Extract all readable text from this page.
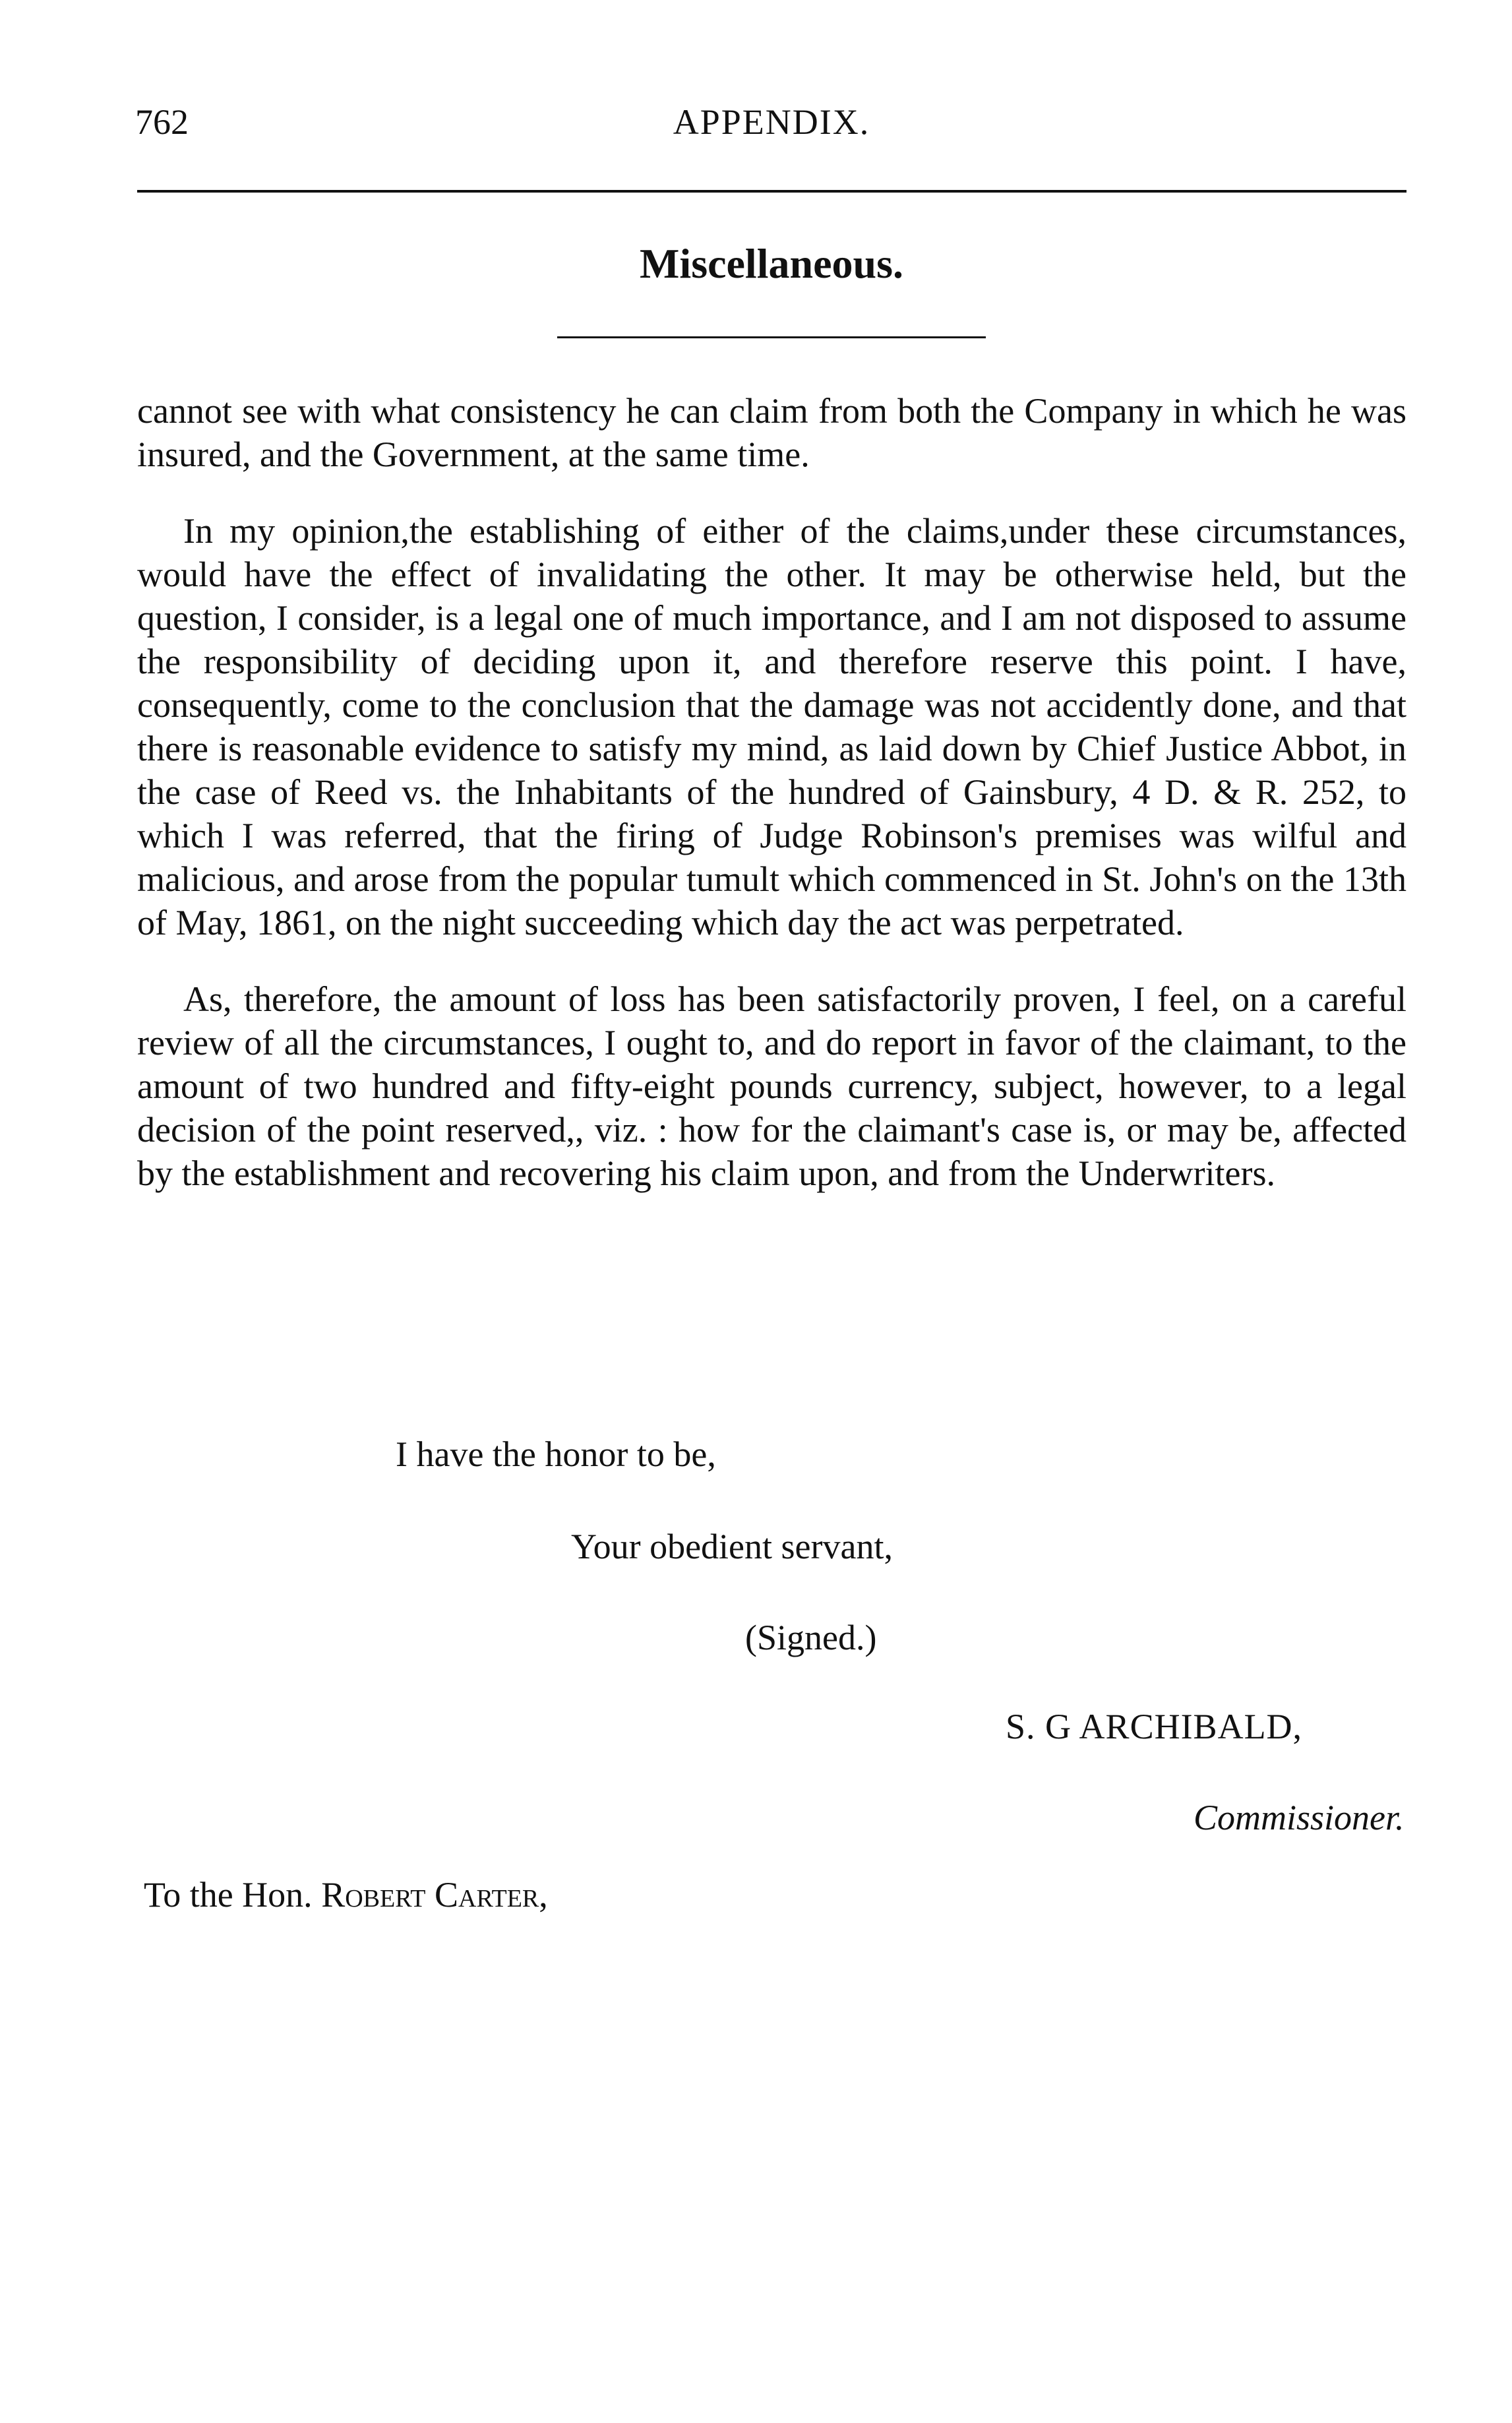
762	APPENDIX.
Miscellaneous.

cannot see with what consistency he can claim from both the Company in which he was insured, and the Government, at the same time.

In my opinion,the establishing of either of the claims,under these circumstances, would have the effect of invalidating the other. It may be otherwise held, but the question, I consider, is a legal one of much importance, and I am not disposed to assume the responsibility of deciding upon it, and therefore reserve this point. I have, consequently, come to the conclusion that the damage was not accidently done, and that there is reasonable evidence to satisfy my mind, as laid down by Chief Justice Abbot, in the case of Reed vs. the Inhabitants of the hundred of Gainsbury, 4 D. & R. 252, to which I was referred, that the firing of Judge Robinson's premises was wilful and malicious, and arose from the popular tumult which commenced in St. John's on the 13th of May, 1861, on the night succeeding which day the act was perpetrated.

As, therefore, the amount of loss has been satisfactorily proven, I feel, on a careful review of all the circumstances, I ought to, and do report in favor of the claimant, to the amount of two hundred and fifty-eight pounds currency, subject, however, to a legal decision of the point reserved,, viz. : how for the claimant's case is, or may be, affected by the establishment and recovering his claim upon, and from the Underwriters.

I have the honor to be,
Your obedient servant,
(Signed.)
S. G ARCHIBALD,
Commissioner.
To the Hon. Robert Carter,
